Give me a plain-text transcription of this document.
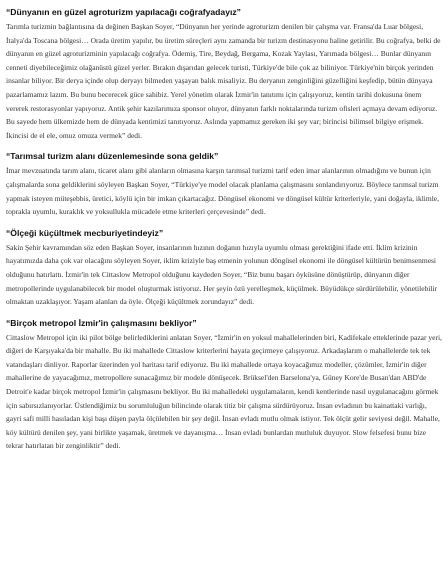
“Dünyanın en güzel agroturizm yapılacağı coğrafyadayız”

Tarımla turizmin bağlantısına da değinen Başkan Soyer, “Dünyanın her yerinde agroturizm denilen bir çalışma var. Fransa'da Luar bölgesi, İtalya'da Toscana bölgesi… Orada üretim yapılır, bu üretim süreçleri aynı zamanda bir turizm destinasyonu haline getirilir. Bu coğrafya, belki de dünyanın en güzel agroturizminin yapılacağı coğrafya. Ödemiş, Tire, Beydağ, Bergama, Kozak Yaylası, Yarımada bölgesi… Bunlar dünyanın cenneti diyebileceğimiz olağanüstü güzel yerler. Bırakın dışarıdan gelecek turisti, Türkiye'de bile çok az biliniyor. Türkiye'nin birçok yerinden insanlar biliyor. Bir derya içinde olup deryayı bilmeden yaşayan balık misaliyiz. Bu deryanın zenginliğini güzelliğini keşfedip, bütün dünyaya pazarlamamız lazım. Bu bunu becerecek güce sahibiz. Yerel yönetim olarak İzmir'in tanıtımı için çalışıyoruz, kentin tarihi dokusuna önem vererek restorasyonlar yapıyoruz. Antik şehir kazılarımıza sponsor oluyor, dünyanın farklı noktalarında turizm ofisleri açmaya devam ediyoruz. Bu sayede hem ülkemizde hem de dünyada kentimizi tanıtıyoruz. Aslında yapmamız gereken iki şey var; birincisi bilimsel bilgiye erişmek. İkincisi de el ele, omuz omuza vermek” dedi.

“Tarımsal turizm alanı düzenlemesinde sona geldik”

İmar mevzuatında tarım alanı, ticaret alanı gibi alanların olmasına karşın tarımsal turizmi tarif eden imar alanlarının olmadığını ve bunun için çalışmalarda sona geldiklerini söyleyen Başkan Soyer, “Türkiye'ye model olacak planlama çalışmasını sonlandırıyoruz. Böylece tarımsal turizm yapmak isteyen müteşebbis, üretici, köylü için bir imkan çıkartacağız. Döngüsel ekonomi ve döngüsel kültür kriterleriyle, yani doğayla, iklimle, toprakla uyumlu, kuraklık ve yoksullukla mücadele etme kriterleri çerçevesinde” dedi.

“Ölçeği küçültmek mecburiyetindeyiz”

Sakin Şehir kavramından söz eden Başkan Soyer, insanlarının hızının doğanın hızıyla uyumlu olması gerektiğini ifade etti. İklim krizinin hayatımızda daha çok var olacağını söyleyen Soyer, iklim kriziyle baş etmenin yolunun döngüsel ekonomi ile döngüsel kültürün benimsenmesi olduğunu hatırlattı. İzmir'in tek Cittaslow Metropol olduğunu kaydeden Soyer, “Biz bunu başarı öyküsüne dönüştürüp, dünyanın diğer metropollerinde uygulanabilecek bir model oluşturmak istiyoruz. Her şeyin özü yerelleşmek, küçülmek. Büyüdükçe sürdürülebilir, yönetilebilir olmaktan uzaklaşıyor. Yaşam alanları da öyle. Ölçeği küçültmek zorundayız” dedi.

“Birçok metropol İzmir'in çalışmasını bekliyor”

Cittaslow Metropol için iki pilot bölge belirlediklerini anlatan Soyer, “İzmir'in en yoksul mahallelerinden biri, Kadifekale etteklerinde pazar yeri, diğeri de Karşıyaka'da bir mahalle. Bu iki mahallede Cittaslow kriterlerini hayata geçirmeye çalışıyoruz. Arkadaşlarım o mahallelerde tek tek vatandaşları dinliyor. Raporlar üzerinden yol haritası tarif ediyoruz. Bu iki mahallede ortaya koyacağımız modeller, çözümler, İzmir'in diğer mahallerine de yayacağımız, metropollere sunacağımız bir modele dönüşecek. Brüksel'den Barselona'ya, Güney Kore'de Busan'dan ABD'de Detroit'e kadar birçok metropol İzmir'in çalışmasını bekliyor. Bu iki mahalledeki uygulamaların, kendi kentlerinde nasıl uygulanacağını görmek için sabırsızlanıyorlar. Üstlendiğimiz bu sorumluluğun bilincinde olarak titiz bir çalışma sürdürüyoruz. İnsan evladının bu kainattaki varlığı, gayri safi milli hasıladan kişi başı düşen payla ölçülebilen bir şey değil. İnsan evladı mutlu olmak istiyor. Tek ölçüt gelir seviyesi değil. Mahalle, köy kültürü denilen şey, yani birlikte yaşamak, üretmek ve dayanışma… İnsan evladı bunlardan mutluluk duyuyor. Slow felsefesi bunu bize tekrar hatırlatan bir zenginliktir” dedi.
